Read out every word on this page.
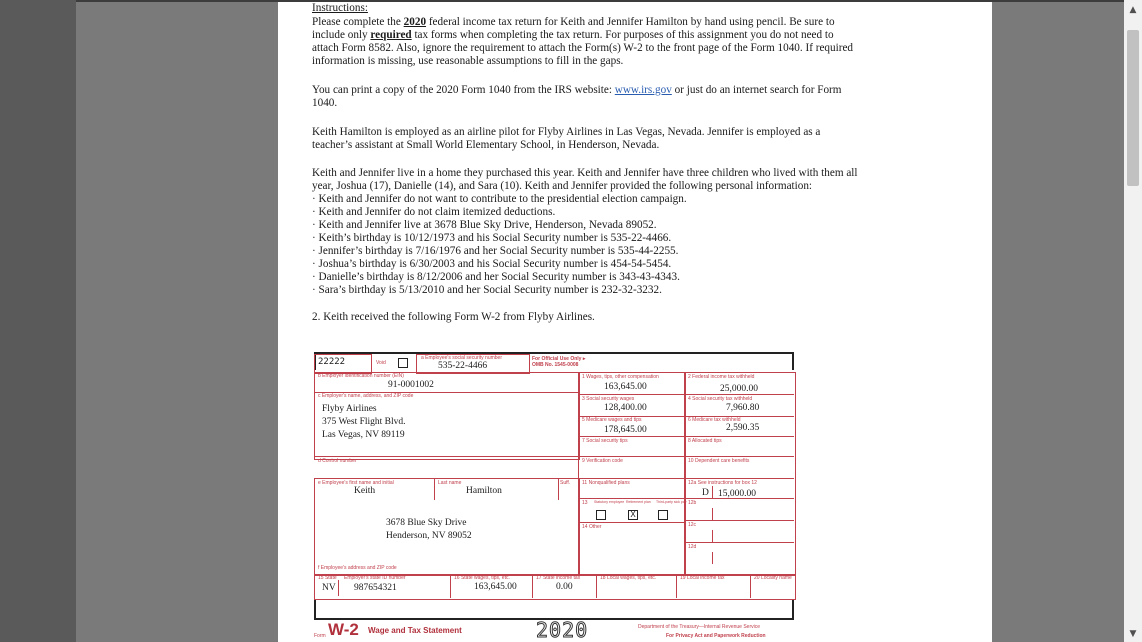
Instructions:
Please complete the 2020 federal income tax return for Keith and Jennifer Hamilton by hand using pencil. Be sure to
include only required tax forms when completing the tax return. For purposes of this assignment you do not need to
attach Form 8582. Also, ignore the requirement to attach the Form(s) W-2 to the front page of the Form 1040. If required
information is missing, use reasonable assumptions to fill in the gaps.
You can print a copy of the 2020 Form 1040 from the IRS website: www.irs.gov or just do an internet search for Form
1040.
Keith Hamilton is employed as an airline pilot for Flyby Airlines in Las Vegas, Nevada. Jennifer is employed as a
teacher’s assistant at Small World Elementary School, in Henderson, Nevada.
Keith and Jennifer live in a home they purchased this year. Keith and Jennifer have three children who lived with them all
year, Joshua (17), Danielle (14), and Sara (10). Keith and Jennifer provided the following personal information:
· Keith and Jennifer do not want to contribute to the presidential election campaign.
· Keith and Jennifer do not claim itemized deductions.
· Keith and Jennifer live at 3678 Blue Sky Drive, Henderson, Nevada 89052.
· Keith’s birthday is 10/12/1973 and his Social Security number is 535-22-4466.
· Jennifer’s birthday is 7/16/1976 and her Social Security number is 535-44-2255.
· Joshua’s birthday is 6/30/2003 and his Social Security number is 454-54-5454.
· Danielle’s birthday is 8/12/2006 and her Social Security number is 343-43-4343.
· Sara’s birthday is 5/13/2010 and her Social Security number is 232-32-3232.
2. Keith received the following Form W-2 from Flyby Airlines.
22222	Void
a Employee's social security number
535-22-4466
For Official Use Only ▸
OMB No. 1545-0008
b Employer identification number (EIN)
91-0001002
c Employer's name, address, and ZIP code
Flyby Airlines
375 West Flight Blvd.
Las Vegas, NV 89119
d Control number
e Employee's first name and initial	Last name	Suff.
Keith	Hamilton
3678 Blue Sky Drive
Henderson, NV 89052
f Employee's address and ZIP code
1 Wages, tips, other compensation
163,645.00
3 Social security wages
128,400.00
5 Medicare wages and tips
178,645.00
7 Social security tips
9 Verification code
11 Nonqualified plans
13 Statutory employee Retirement plan Third-party sick pay
X
14 Other
2 Federal income tax withheld
25,000.00
4 Social security tax withheld
7,960.80
6 Medicare tax withheld
2,590.35
8 Allocated tips
10 Dependent care benefits
12a See instructions for box 12
D 15,000.00
12b
12c
12d
15 State Employer's state ID number
NV 987654321
16 State wages, tips, etc.
163,645.00
17 State income tax
0.00
18 Local wages, tips, etc.	19 Local income tax	20 Locality name
Form W-2 Wage and Tax Statement	2020	Department of the Treasury—Internal Revenue Service
For Privacy Act and Paperwork Reduction
▲
▼
